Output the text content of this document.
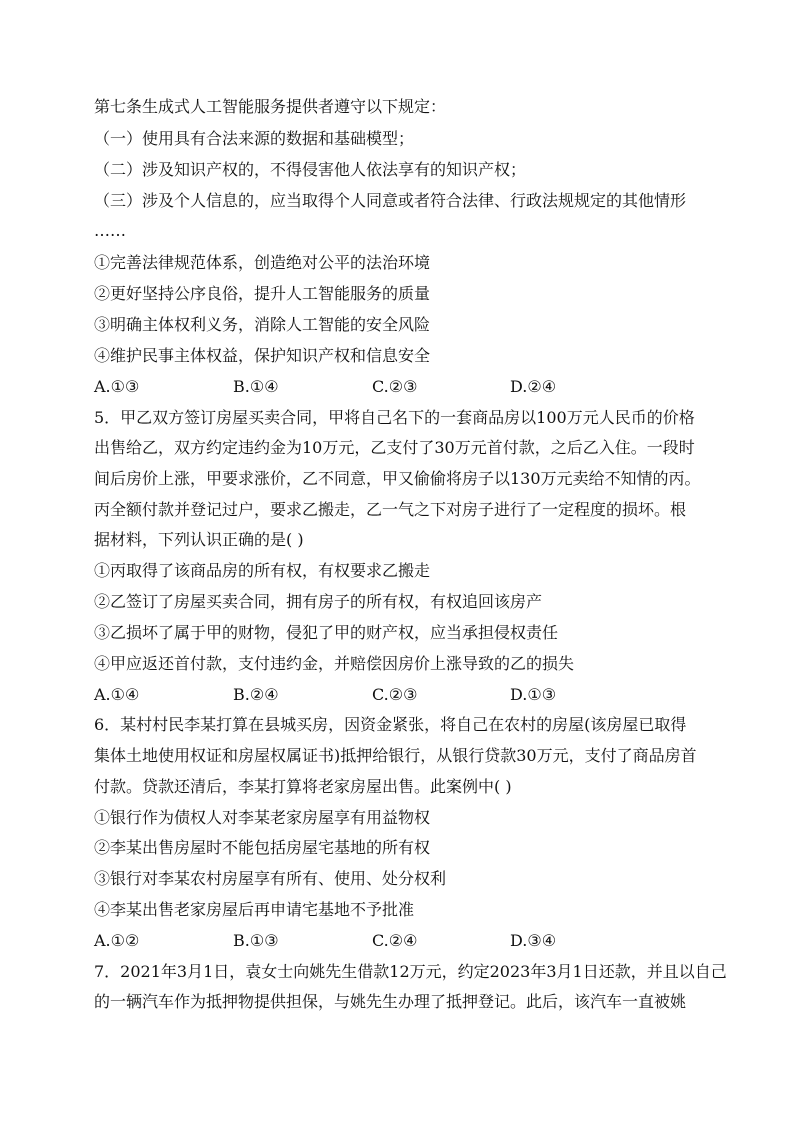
第七条生成式人工智能服务提供者遵守以下规定：
（一）使用具有合法来源的数据和基础模型；
（二）涉及知识产权的，不得侵害他人依法享有的知识产权；
（三）涉及个人信息的，应当取得个人同意或者符合法律、行政法规规定的其他情形
……
①完善法律规范体系，创造绝对公平的法治环境
②更好坚持公序良俗，提升人工智能服务的质量
③明确主体权利义务，消除人工智能的安全风险
④维护民事主体权益，保护知识产权和信息安全
A.①③	B.①④	C.②③	D.②④
5．甲乙双方签订房屋买卖合同，甲将自己名下的一套商品房以100万元人民币的价格
出售给乙，双方约定违约金为10万元，乙支付了30万元首付款，之后乙入住。一段时
间后房价上涨，甲要求涨价，乙不同意，甲又偷偷将房子以130万元卖给不知情的丙。
丙全额付款并登记过户，要求乙搬走，乙一气之下对房子进行了一定程度的损坏。根
据材料，下列认识正确的是( )
①丙取得了该商品房的所有权，有权要求乙搬走
②乙签订了房屋买卖合同，拥有房子的所有权，有权追回该房产
③乙损坏了属于甲的财物，侵犯了甲的财产权，应当承担侵权责任
④甲应返还首付款，支付违约金，并赔偿因房价上涨导致的乙的损失
A.①④	B.②④	C.②③	D.①③
6．某村村民李某打算在县城买房，因资金紧张，将自己在农村的房屋(该房屋已取得
集体土地使用权证和房屋权属证书)抵押给银行，从银行贷款30万元，支付了商品房首
付款。贷款还清后，李某打算将老家房屋出售。此案例中( )
①银行作为债权人对李某老家房屋享有用益物权
②李某出售房屋时不能包括房屋宅基地的所有权
③银行对李某农村房屋享有所有、使用、处分权利
④李某出售老家房屋后再申请宅基地不予批准
A.①②	B.①③	C.②④	D.③④
7．2021年3月1日，袁女士向姚先生借款12万元，约定2023年3月1日还款，并且以自己
的一辆汽车作为抵押物提供担保，与姚先生办理了抵押登记。此后，该汽车一直被姚
